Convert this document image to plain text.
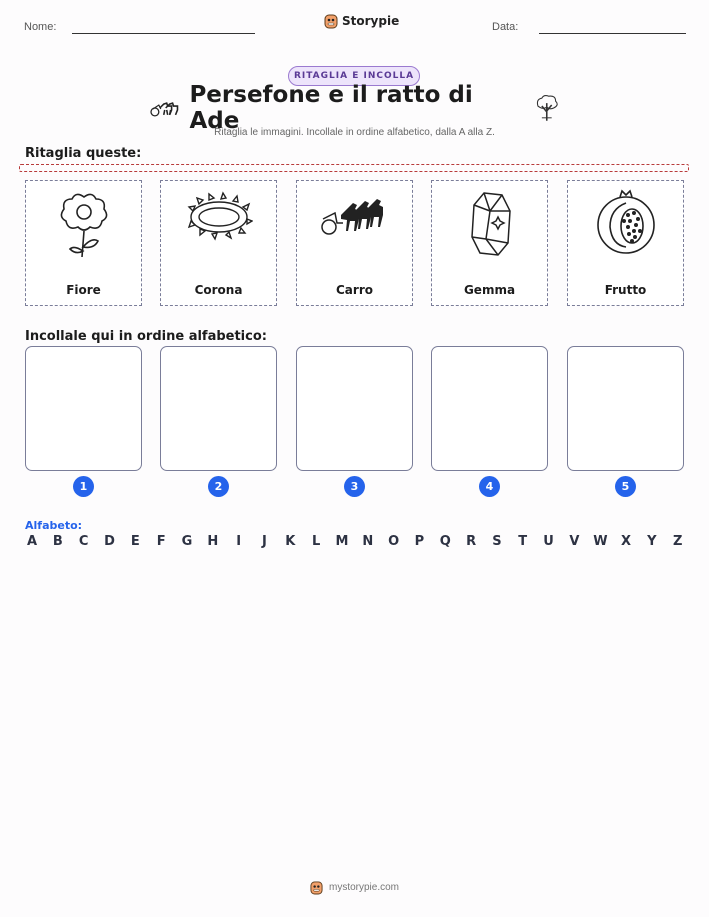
Nome:	Storypie	Data:
RITAGLIA E INCOLLA
Persefone e il ratto di Ade
Ritaglia le immagini. Incollale in ordine alfabetico, dalla A alla Z.
Ritaglia queste:
Fiore	Corona	Carro	Gemma	Frutto
Incollale qui in ordine alfabetico:
1	2	3	4	5
Alfabeto:
A B C D E F G H	I	J	K L M N O P Q R S T U V W X Y Z
mystorypie.com
